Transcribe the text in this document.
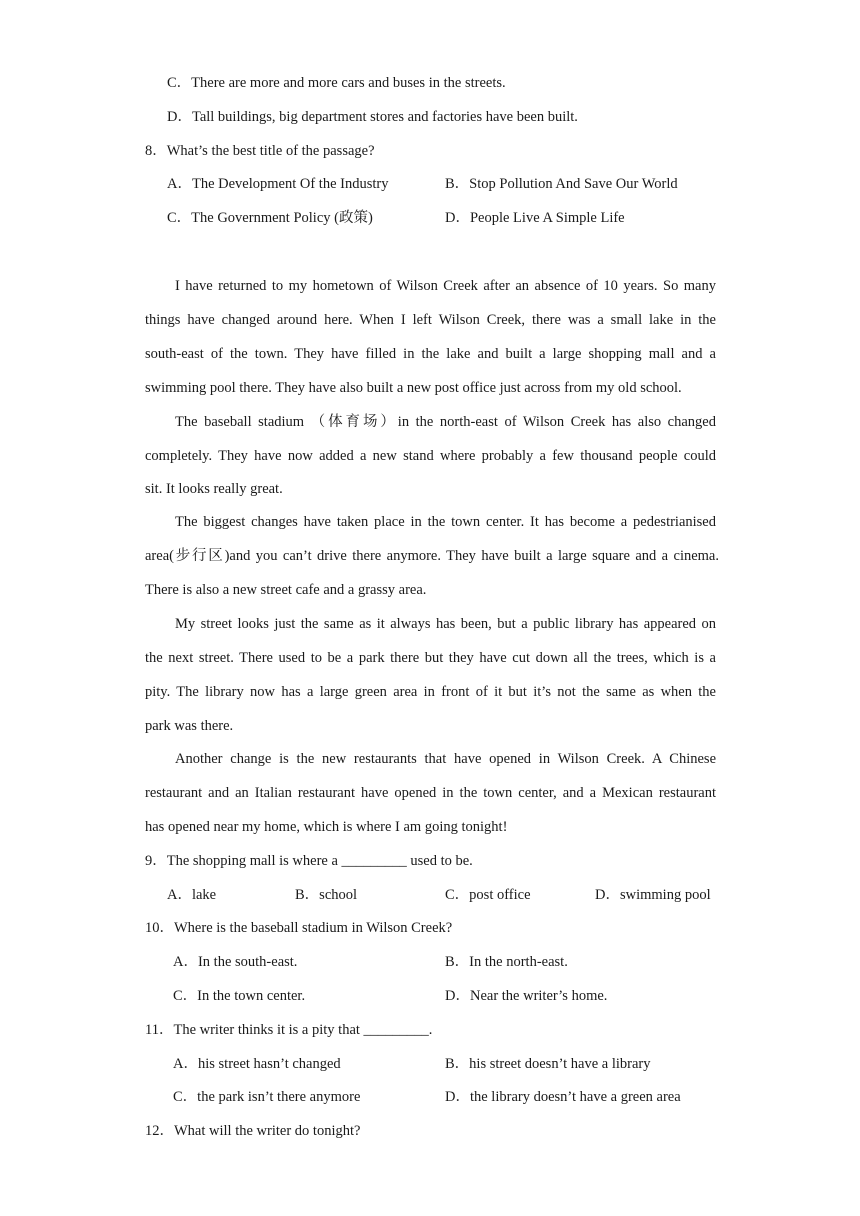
C．There are more and more cars and buses in the streets.
D．Tall buildings, big department stores and factories have been built.
8．What’s the best title of the passage?
A．The Development Of the Industry	B．Stop Pollution And Save Our World
C．The Government Policy (政策)	D．People Live A Simple Life
I have returned to my hometown of Wilson Creek after an absence of 10 years. So many
things have changed around here. When I left Wilson Creek, there was a small lake in the
south-east of the town. They have filled in the lake and built a large shopping mall and a
swimming pool there. They have also built a new post office just across from my old school.
The baseball stadium （体育场）in the north-east of Wilson Creek has also changed
completely. They have now added a new stand where probably a few thousand people could
sit. It looks really great.
The biggest changes have taken place in the town center. It has become a pedestrianised
area(步行区)and you can’t drive there anymore. They have built a large square and a cinema.
There is also a new street cafe and a grassy area.
My street looks just the same as it always has been, but a public library has appeared on
the next street. There used to be a park there but they have cut down all the trees, which is a
pity. The library now has a large green area in front of it but it’s not the same as when the
park was there.
Another change is the new restaurants that have opened in Wilson Creek. A Chinese
restaurant and an Italian restaurant have opened in the town center, and a Mexican restaurant
has opened near my home, which is where I am going tonight!
9．The shopping mall is where a _________ used to be.
A．lake	B．school	C．post office	D．swimming pool
10．Where is the baseball stadium in Wilson Creek?
A．In the south-east.	B．In the north-east.
C．In the town center.	D．Near the writer’s home.
11．The writer thinks it is a pity that _________.
A．his street hasn’t changed	B．his street doesn’t have a library
C．the park isn’t there anymore	D．the library doesn’t have a green area
12．What will the writer do tonight?
